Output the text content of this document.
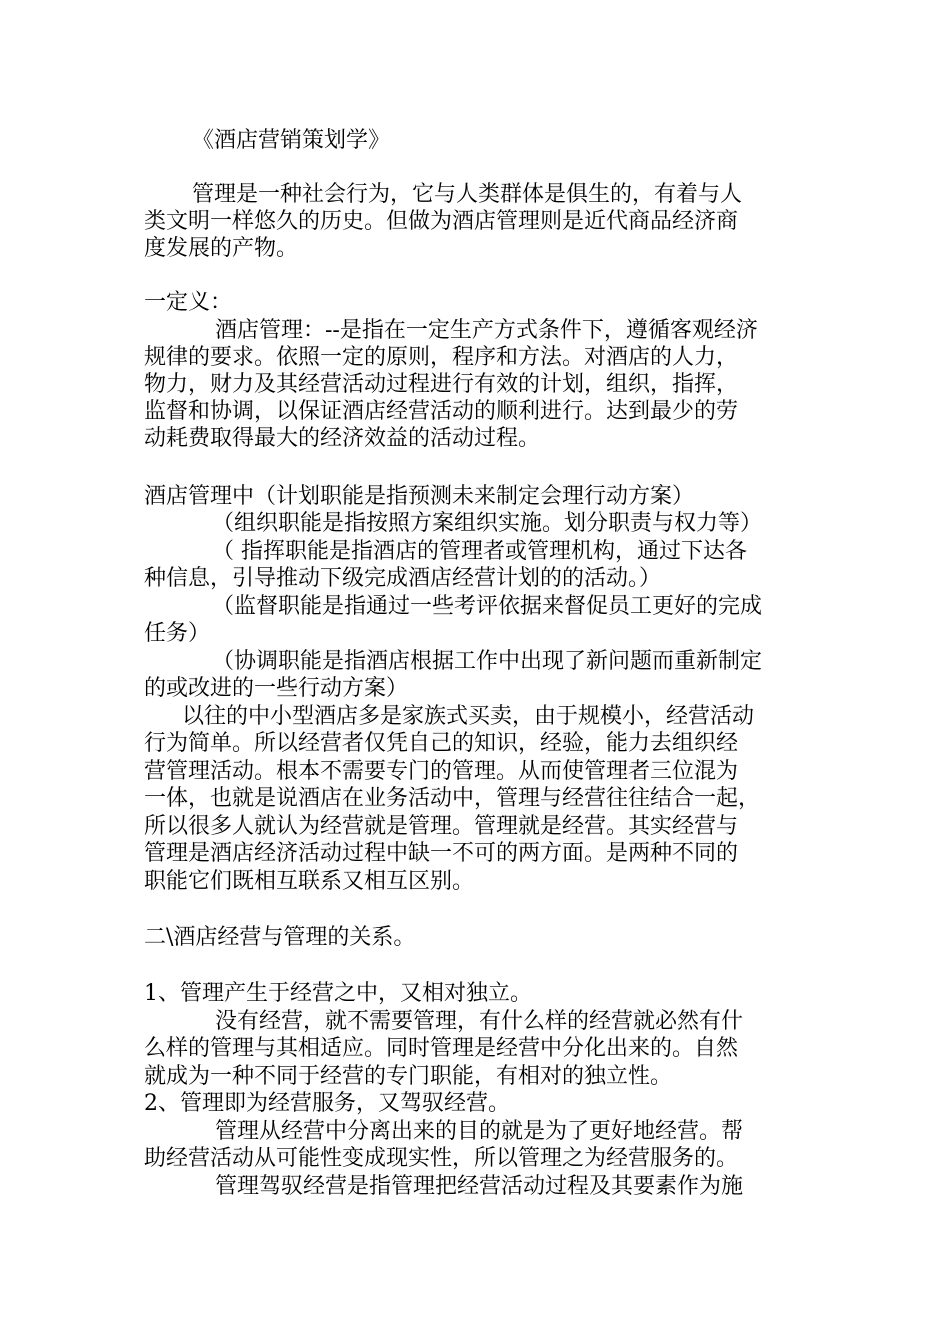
《酒店营销策划学》
管理是一种社会行为，它与人类群体是俱生的，有着与人
类文明一样悠久的历史。但做为酒店管理则是近代商品经济商
度发展的产物。
一定义：
酒店管理：--是指在一定生产方式条件下，遵循客观经济
规律的要求。依照一定的原则，程序和方法。对酒店的人力，
物力，财力及其经营活动过程进行有效的计划，组织，指挥，
监督和协调，以保证酒店经营活动的顺利进行。达到最少的劳
动耗费取得最大的经济效益的活动过程。
酒店管理中（计划职能是指预测未来制定会理行动方案）
（组织职能是指按照方案组织实施。划分职责与权力等）
（ 指挥职能是指酒店的管理者或管理机构，通过下达各
种信息，引导推动下级完成酒店经营计划的的活动。）
（监督职能是指通过一些考评依据来督促员工更好的完成
任务）
（协调职能是指酒店根据工作中出现了新问题而重新制定
的或改进的一些行动方案）
以往的中小型酒店多是家族式买卖，由于规模小，经营活动
行为简单。所以经营者仅凭自己的知识，经验，能力去组织经
营管理活动。根本不需要专门的管理。从而使管理者三位混为
一体，也就是说酒店在业务活动中，管理与经营往往结合一起，
所以很多人就认为经营就是管理。管理就是经营。其实经营与
管理是酒店经济活动过程中缺一不可的两方面。是两种不同的
职能它们既相互联系又相互区别。
二\酒店经营与管理的关系。
1、管理产生于经营之中，又相对独立。
没有经营，就不需要管理，有什么样的经营就必然有什
么样的管理与其相适应。同时管理是经营中分化出来的。自然
就成为一种不同于经营的专门职能，有相对的独立性。
2、管理即为经营服务，又驾驭经营。
管理从经营中分离出来的目的就是为了更好地经营。帮
助经营活动从可能性变成现实性，所以管理之为经营服务的。
管理驾驭经营是指管理把经营活动过程及其要素作为施
